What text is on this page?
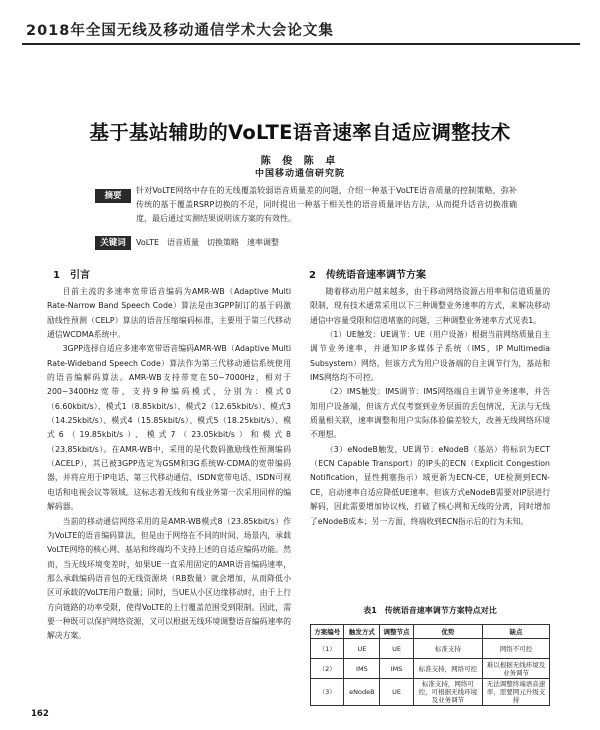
2018年全国无线及移动通信学术大会论文集
基于基站辅助的VoLTE语音速率自适应调整技术
陈 俊 陈 卓
中国移动通信研究院
摘要

针对VoLTE网络中存在的无线覆盖较弱语音质量差的问题，介绍一种基于VoLTE语音质量的控制策略，弥补传统的基于覆盖RSRP切换的不足，同时提出一种基于相关性的语音质量评估方法，从而提升话音切换准确度，最后通过实测结果说明该方案的有效性。

关键词	VoLTE　语音质量　切换策略　速率调整

1　引言

目前主流的多速率宽带语音编码为AMR-WB（Adaptive Multi Rate-Narrow Band Speech Code）算法是由3GPP制订的基于码激励线性预测（CELP）算法的语音压缩编码标准，主要用于第三代移动通信WCDMA系统中。

3GPP选择自适应多速率宽带语音编码AMR-WB（Adaptive Multi Rate-Wideband Speech Code）算法作为第三代移动通信系统使用的语音编解码算法。AMR-WB支持带宽在50~7000Hz，相对于200~3400Hz宽带，支持9种编码模式，分别为：模式0（6.60kbit/s）、模式1（8.85kbit/s）、模式2（12.65kbit/s）、模式3（14.25kbit/s）、模式4（15.85kbit/s）、模式5（18.25kbit/s）、模式6（19.85kbit/s）、模式7（23.05kbit/s）和模式8（23.85kbit/s）。在AMR-WB中，采用的是代数码激励线性预测编码（ACELP），其已被3GPP选定为GSM和3G系统W-CDMA的宽带编码器，并将应用于IP电话、第三代移动通信、ISDN宽带电话、ISDN可视电话和电视会议等领域。这标志着无线和有线业务第一次采用同样的编解码器。

当前的移动通信网络采用的是AMR-WB模式8（23.85kbit/s）作为VoLTE的语音编码算法，但是由于网络在不同的时间、场景内，承载VoLTE网络的核心网、基站和终端均不支持上述的自适应编码功能。然而，当无线环境变差时，如果UE一直采用固定的AMR语音编码速率，那么承载编码语音包的无线资源块（RB数量）就会增加，从而降低小区可承载的VoLTE用户数量；同时，当UE从小区边缘移动时，由于上行方向链路的功率受限，使得VoLTE的上行覆盖范围受到限制。因此，需要一种既可以保护网络资源，又可以根据无线环境调整语音编码速率的解决方案。

2　传统语音速率调节方案

随着移动用户越来越多，由于移动网络资源占用率和信道质量的限制，现有技术通常采用以下三种调整业务速率的方式，来解决移动通信中容量受限和信道堵塞的问题，三种调整业务速率方式见表1。

（1）UE触发：UE调节：UE（用户设备）根据当前网络质量自主调节业务速率，并通知IP多媒体子系统（IMS，IP Multimedia Subsystem）网络，但该方式为用户设备端的自主调节行为，基站和IMS网络均不可控。

（2）IMS触发：IMS调节：IMS网络端自主调节业务速率，并告知用户设备端，但该方式仅考察到业务层面的丢包情况，无法与无线质量相关联，速率调整和用户实际体验偏差较大，改善无线网络环境不理想。

（3）eNodeB触发，UE调节：eNodeB（基站）将标识为ECT（ECN Capable Transport）的IP头的ECN（Explicit Congestion Notification，显性拥塞指示）域更新为ECN-CE，UE检测到ECN-CE，启动速率自适应降低UE速率。但该方式eNodeB需要对IP层进行解码，因此需要增加协议栈，打破了核心网和无线的分离，同时增加了eNodeB成本；另一方面，终端收到ECN指示后的行为未知。

表1　传统语音速率调节方案特点对比
方案编号	触发方式	调整节点	优势	缺点
（1）	UE	UE	标准支持	网络不可控
（2）	IMS	IMS	标准支持，网络可控	难以根据无线环境及业务调节
（3）	eNodeB	UE	标准支持，网络可控，可根据无线环境及业务调节	无法调整终端语音速率，需要网元升级支持
162
